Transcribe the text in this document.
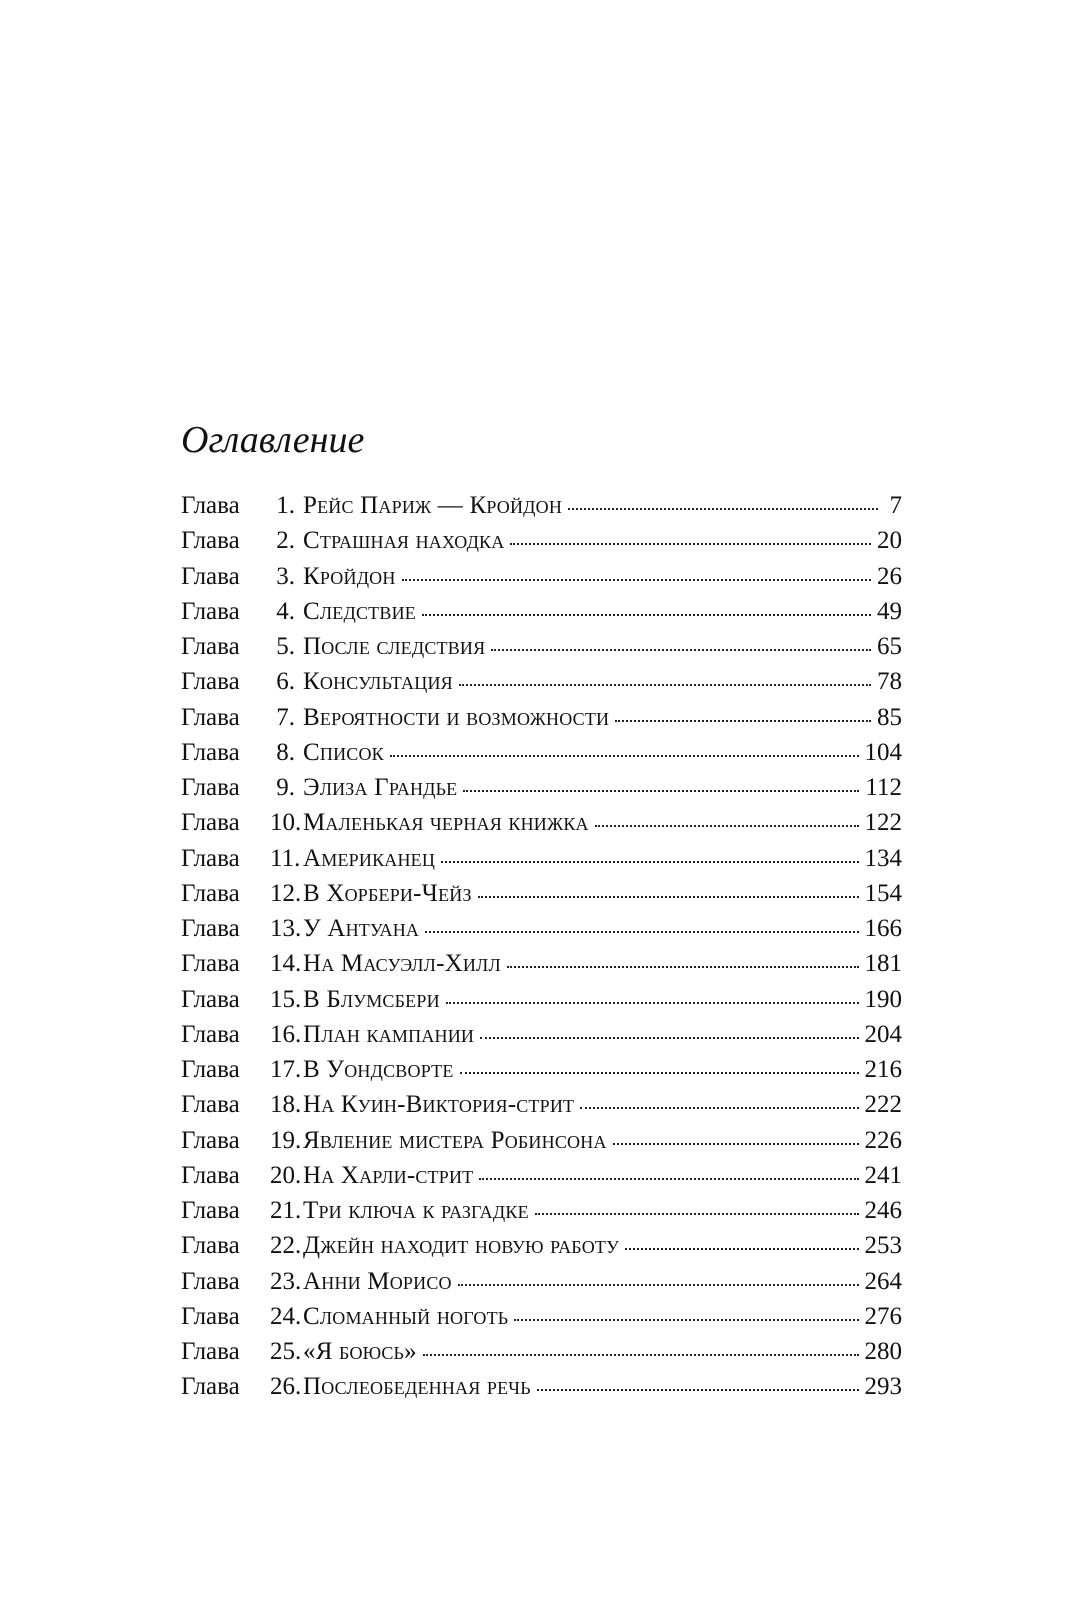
Оглавление
Глава	1. Рейс Париж — Кройдон	7
Глава	2. Страшная находка	20
Глава	3. Кройдон	26
Глава	4. Следствие	49
Глава	5. После следствия	65
Глава	6. Консультация	78
Глава	7. Вероятности и возможности	85
Глава	8. Список	104
Глава	9. Элиза Грандье	112
Глава	10. Маленькая черная книжка	122
Глава	11. Американец	134
Глава	12. В Хорбери-Чейз	154
Глава	13. У Антуана	166
Глава	14. На Масуэлл-Хилл	181
Глава	15. В Блумсбери	190
Глава	16. План кампании	204
Глава	17. В Уондсворте	216
Глава	18. На Куин-Виктория-стрит	222
Глава	19. Явление мистера Робинсона	226
Глава	20. На Харли-стрит	241
Глава	21. Три ключа к разгадке	246
Глава	22. Джейн находит новую работу	253
Глава	23. Анни Морисо	264
Глава	24. Сломанный ноготь	276
Глава	25. «Я боюсь»	280
Глава	26. Послеобеденная речь	293
